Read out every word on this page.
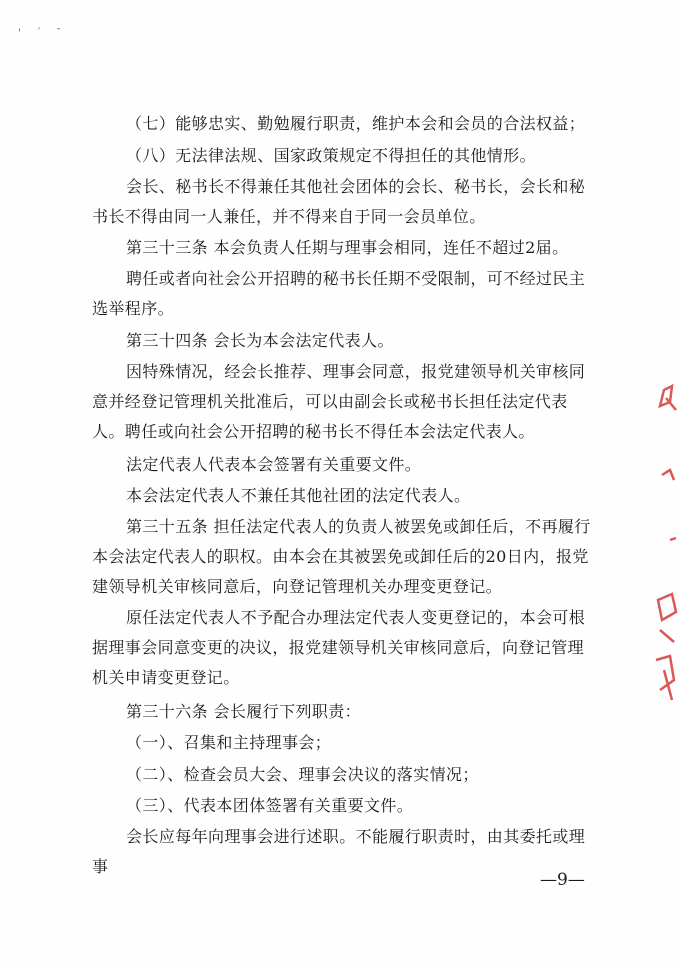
' ˊ ˉ
（七）能够忠实、勤勉履行职责，维护本会和会员的合法权益；
（八）无法律法规、国家政策规定不得担任的其他情形。
会长、秘书长不得兼任其他社会团体的会长、秘书长，会长和秘书长不得由同一人兼任，并不得来自于同一会员单位。
第三十三条 本会负责人任期与理事会相同，连任不超过2届。
聘任或者向社会公开招聘的秘书长任期不受限制，可不经过民主选举程序。
第三十四条 会长为本会法定代表人。
因特殊情况，经会长推荐、理事会同意，报党建领导机关审核同意并经登记管理机关批准后，可以由副会长或秘书长担任法定代表人。聘任或向社会公开招聘的秘书长不得任本会法定代表人。
法定代表人代表本会签署有关重要文件。
本会法定代表人不兼任其他社团的法定代表人。
第三十五条 担任法定代表人的负责人被罢免或卸任后，不再履行本会法定代表人的职权。由本会在其被罢免或卸任后的20日内，报党建领导机关审核同意后，向登记管理机关办理变更登记。
原任法定代表人不予配合办理法定代表人变更登记的，本会可根据理事会同意变更的决议，报党建领导机关审核同意后，向登记管理机关申请变更登记。
第三十六条 会长履行下列职责：
（一）、召集和主持理事会；
（二）、检查会员大会、理事会决议的落实情况；
（三）、代表本团体签署有关重要文件。
会长应每年向理事会进行述职。不能履行职责时，由其委托或理事
—9—
